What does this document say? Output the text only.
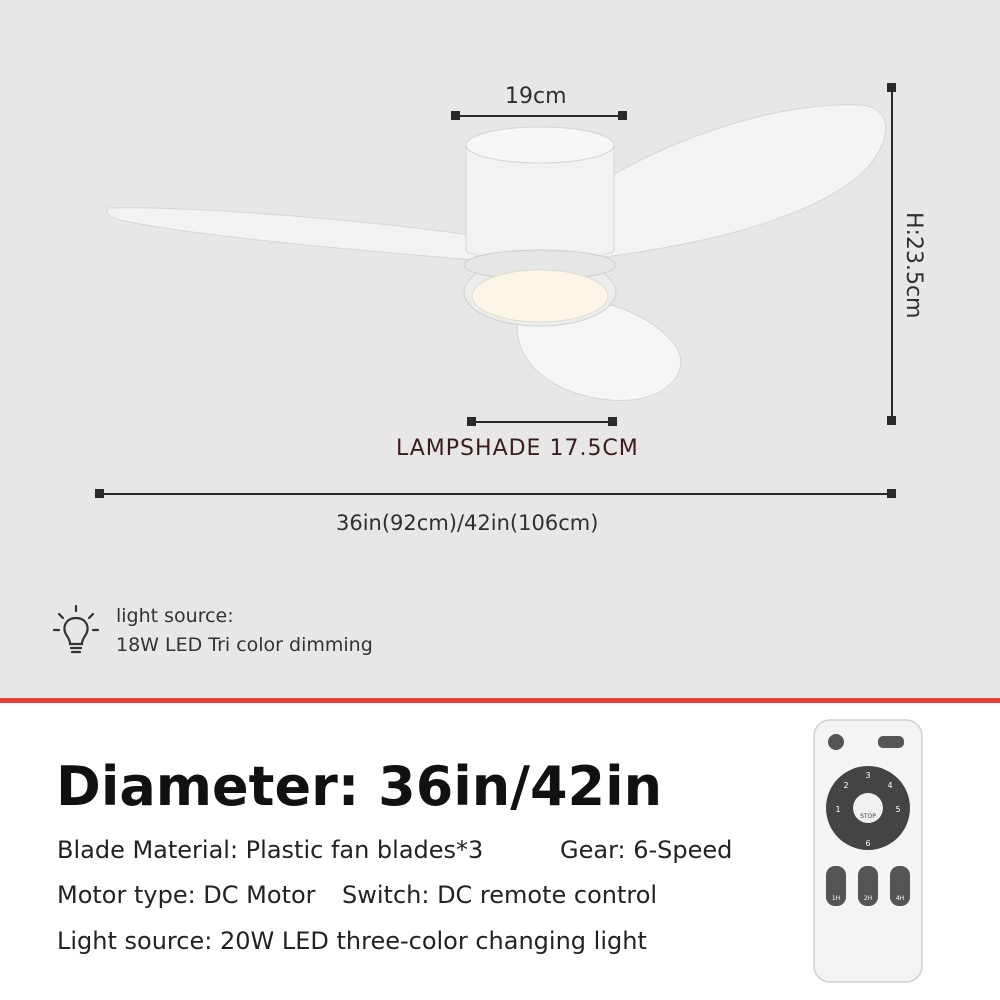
19cm
LAMPSHADE 17.5CM
36in(92cm)/42in(106cm)
H:23.5cm
light source:
18W LED Tri color dimming
Diameter: 36in/42in
Blade Material: Plastic fan blades*3	Gear: 6-Speed
Motor type: DC Motor Switch: DC remote control
Light source: 20W LED three-color changing light
STOP
3
2	4
1	5
6
1H	2H	4H
